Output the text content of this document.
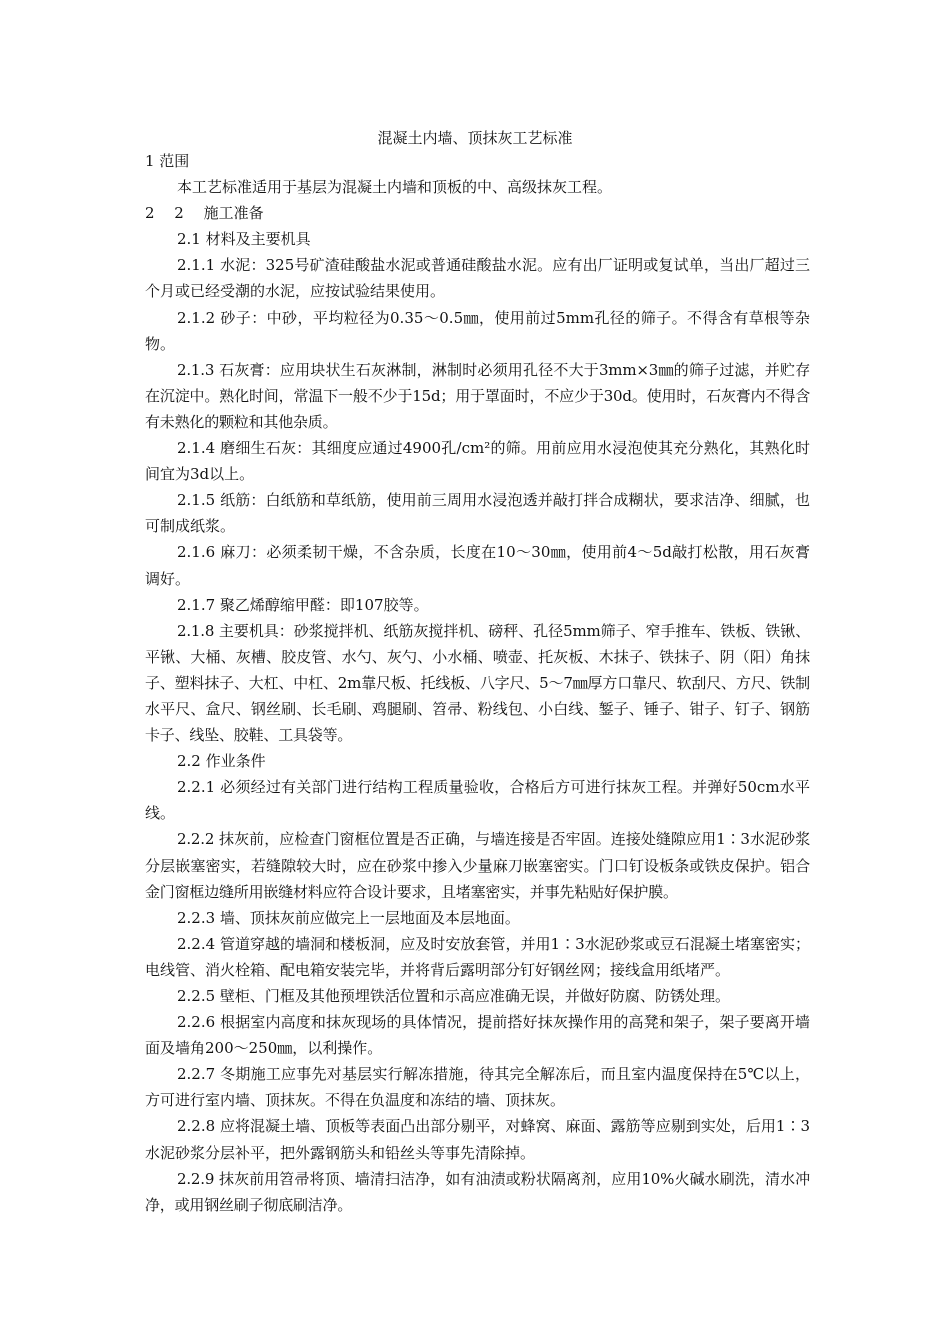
混凝土内墙、顶抹灰工艺标准

1 范围

本工艺标准适用于基层为混凝土内墙和顶板的中、高级抹灰工程。

2　 2　 施工准备

2.1 材料及主要机具

2.1.1 水泥：325号矿渣硅酸盐水泥或普通硅酸盐水泥。应有出厂证明或复试单，当出厂超过三个月或已经受潮的水泥，应按试验结果使用。

2.1.2 砂子：中砂，平均粒径为0.35～0.5㎜，使用前过5mm孔径的筛子。不得含有草根等杂物。

2.1.3 石灰膏：应用块状生石灰淋制，淋制时必须用孔径不大于3mm×3㎜的筛子过滤，并贮存在沉淀中。熟化时间，常温下一般不少于15d；用于罩面时，不应少于30d。使用时，石灰膏内不得含有未熟化的颗粒和其他杂质。

2.1.4 磨细生石灰：其细度应通过4900孔/cm²的筛。用前应用水浸泡使其充分熟化，其熟化时间宜为3d以上。

2.1.5 纸筋：白纸筋和草纸筋，使用前三周用水浸泡透并敲打拌合成糊状，要求洁净、细腻，也可制成纸浆。

2.1.6 麻刀：必须柔韧干燥，不含杂质，长度在10～30㎜，使用前4～5d敲打松散，用石灰膏调好。

2.1.7 聚乙烯醇缩甲醛：即107胶等。

2.1.8 主要机具：砂浆搅拌机、纸筋灰搅拌机、磅秤、孔径5mm筛子、窄手推车、铁板、铁锹、平锹、大桶、灰槽、胶皮管、水勺、灰勺、小水桶、喷壶、托灰板、木抹子、铁抹子、阴（阳）角抹子、塑料抹子、大杠、中杠、2m靠尺板、托线板、八字尺、5～7㎜厚方口靠尺、软刮尺、方尺、铁制水平尺、盒尺、钢丝刷、长毛刷、鸡腿刷、笤帚、粉线包、小白线、錾子、锤子、钳子、钉子、钢筋卡子、线坠、胶鞋、工具袋等。

2.2 作业条件

2.2.1 必须经过有关部门进行结构工程质量验收，合格后方可进行抹灰工程。并弹好50cm水平线。

2.2.2 抹灰前，应检查门窗框位置是否正确，与墙连接是否牢固。连接处缝隙应用1∶3水泥砂浆分层嵌塞密实，若缝隙较大时，应在砂浆中掺入少量麻刀嵌塞密实。门口钉设板条或铁皮保护。铝合金门窗框边缝所用嵌缝材料应符合设计要求，且堵塞密实，并事先粘贴好保护膜。

2.2.3 墙、顶抹灰前应做完上一层地面及本层地面。

2.2.4 管道穿越的墙洞和楼板洞，应及时安放套管，并用1∶3水泥砂浆或豆石混凝土堵塞密实；电线管、消火栓箱、配电箱安装完毕，并将背后露明部分钉好钢丝网；接线盒用纸堵严。

2.2.5 壁柜、门框及其他预埋铁活位置和示高应准确无误，并做好防腐、防锈处理。

2.2.6 根据室内高度和抹灰现场的具体情况，提前搭好抹灰操作用的高凳和架子，架子要离开墙面及墙角200～250㎜，以利操作。

2.2.7 冬期施工应事先对基层实行解冻措施，待其完全解冻后，而且室内温度保持在5℃以上，方可进行室内墙、顶抹灰。不得在负温度和冻结的墙、顶抹灰。

2.2.8 应将混凝土墙、顶板等表面凸出部分剔平，对蜂窝、麻面、露筋等应剔到实处，后用1∶3水泥砂浆分层补平，把外露钢筋头和铅丝头等事先清除掉。

2.2.9 抹灰前用笤帚将顶、墙清扫洁净，如有油渍或粉状隔离剂，应用10%火碱水刷洗，清水冲净，或用钢丝刷子彻底刷洁净。
